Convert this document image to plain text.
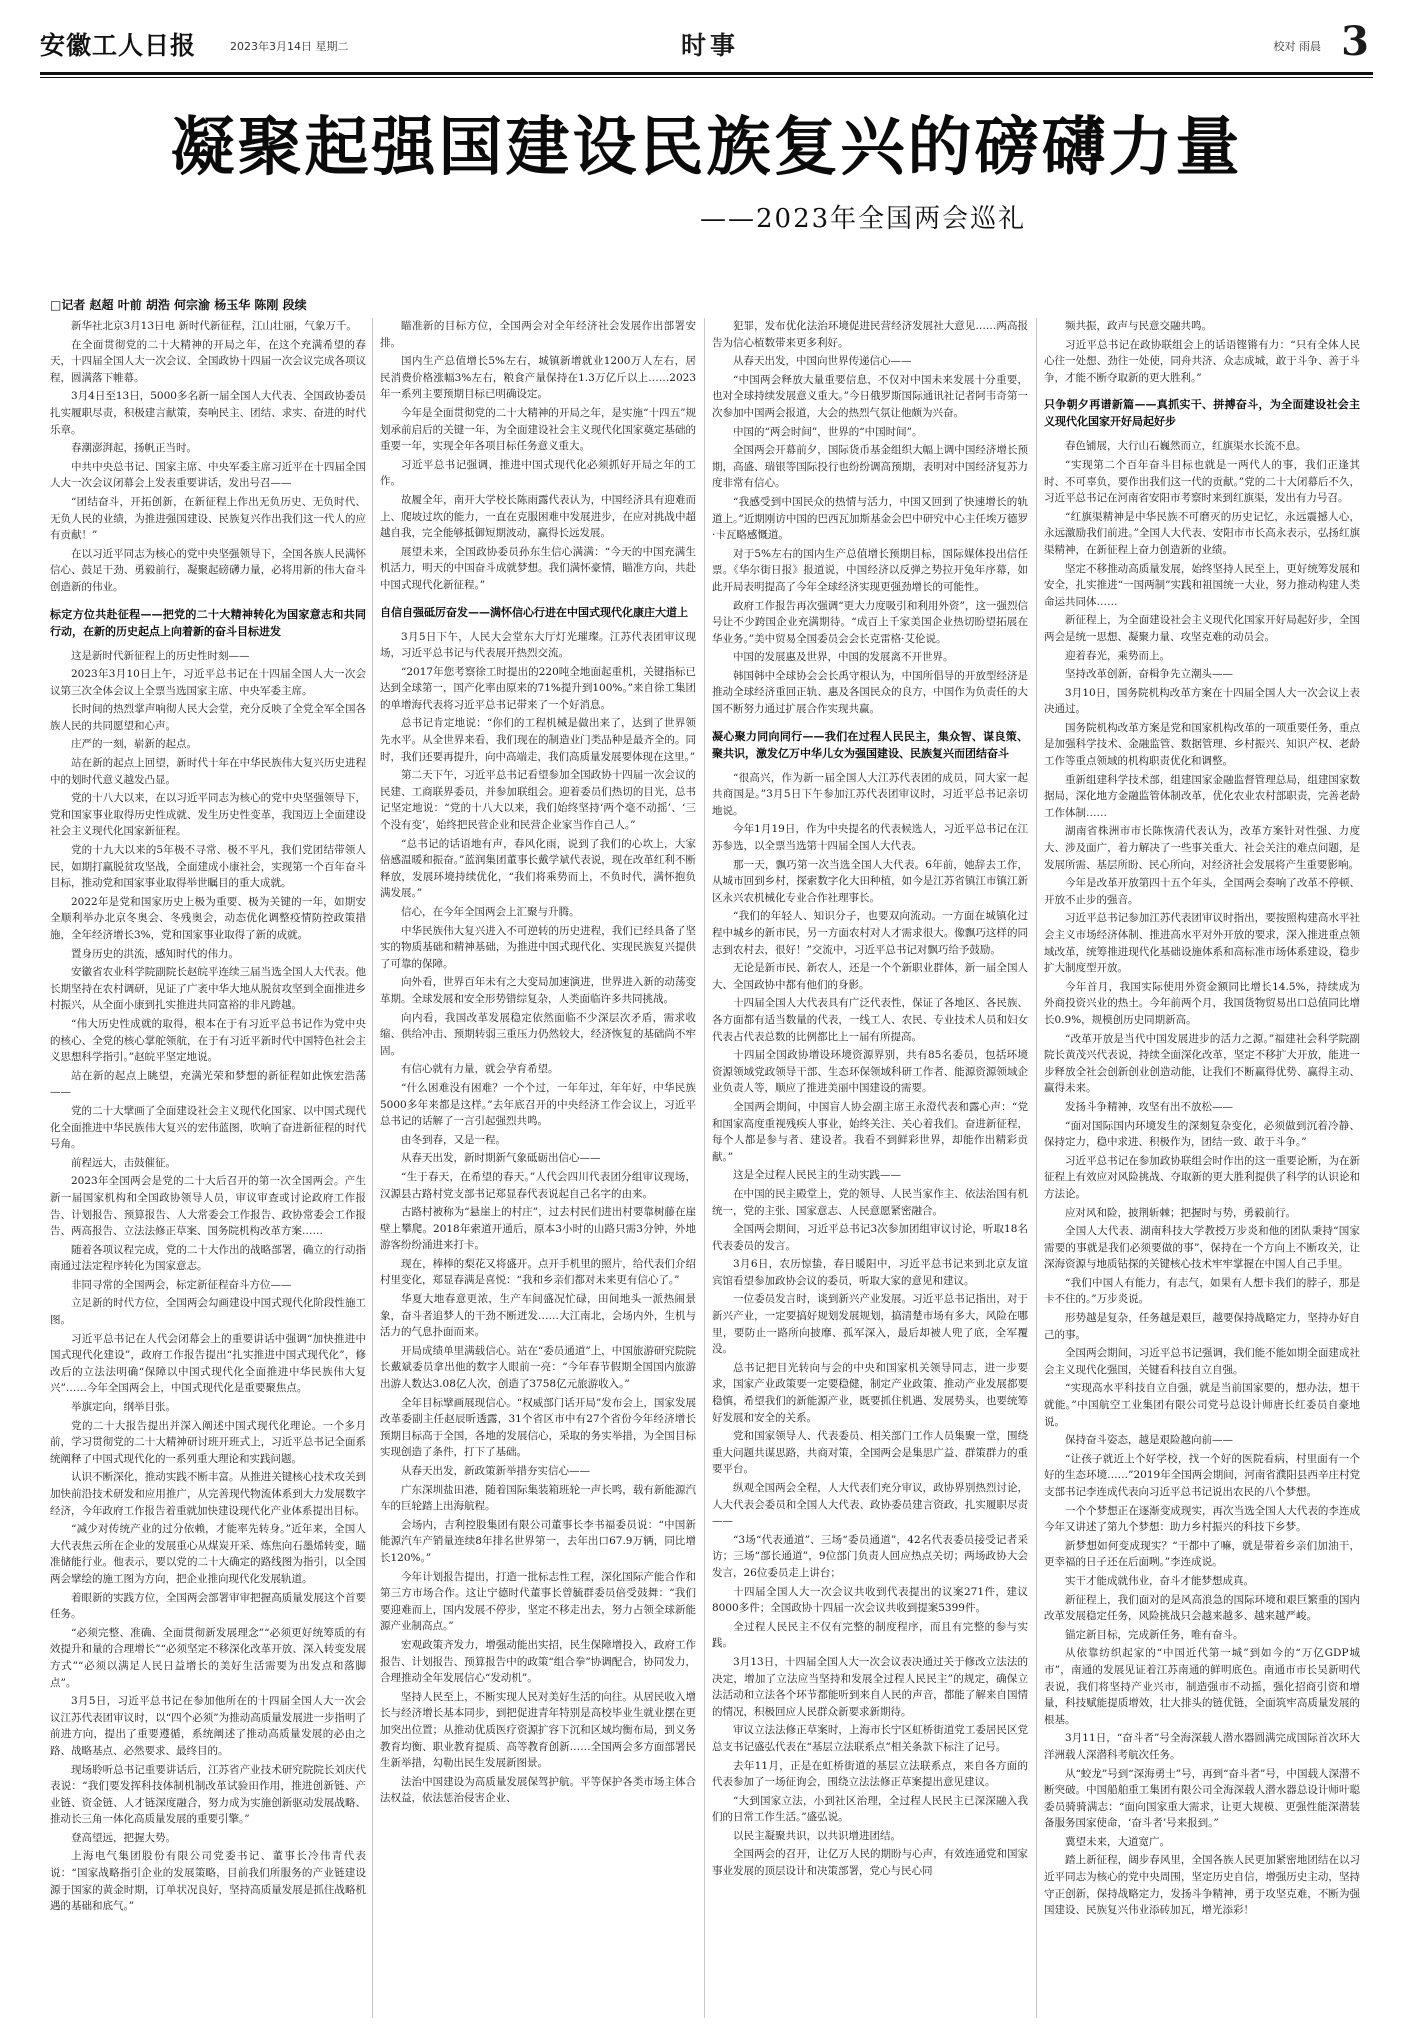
安徽工人日报	2023年3月14日 星期二	时事	校对 雨晨 3
凝聚起强国建设民族复兴的磅礴力量
——2023年全国两会巡礼
□记者 赵超 叶前 胡浩 何宗渝 杨玉华 陈刚 段续

新华社北京3月13日电 新时代新征程，江山壮丽，气象万千。

在全面贯彻党的二十大精神的开局之年，在这个充满希望的春天，十四届全国人大一次会议、全国政协十四届一次会议完成各项议程，圆满落下帷幕。

3月4日至13日，5000多名新一届全国人大代表、全国政协委员扎实履职尽责，积极建言献策，奏响民主、团结、求实、奋进的时代乐章。

春潮澎湃起，扬帆正当时。

中共中央总书记、国家主席、中央军委主席习近平在十四届全国人大一次会议闭幕会上发表重要讲话，发出号召——

“团结奋斗，开拓创新，在新征程上作出无负历史、无负时代、无负人民的业绩，为推进强国建设、民族复兴作出我们这一代人的应有贡献！”

在以习近平同志为核心的党中央坚强领导下，全国各族人民满怀信心、鼓足干劲、勇毅前行，凝聚起磅礴力量，必将用新的伟大奋斗创造新的伟业。

标定方位共赴征程——把党的二十大精神转化为国家意志和共同行动，在新的历史起点上向着新的奋斗目标进发

这是新时代新征程上的历史性时刻——

2023年3月10日上午，习近平总书记在十四届全国人大一次会议第三次全体会议上全票当选国家主席、中央军委主席。

长时间的热烈掌声响彻人民大会堂，充分反映了全党全军全国各族人民的共同愿望和心声。

庄严的一刻，崭新的起点。

站在新的起点上回望，新时代十年在中华民族伟大复兴历史进程中的划时代意义越发凸显。

党的十八大以来，在以习近平同志为核心的党中央坚强领导下，党和国家事业取得历史性成就、发生历史性变革，我国迈上全面建设社会主义现代化国家新征程。

党的十九大以来的5年极不寻常、极不平凡，我们党团结带领人民，如期打赢脱贫攻坚战，全面建成小康社会，实现第一个百年奋斗目标，推动党和国家事业取得举世瞩目的重大成就。

2022年是党和国家历史上极为重要、极为关键的一年，如期安全顺利举办北京冬奥会、冬残奥会，动态优化调整疫情防控政策措施，全年经济增长3%，党和国家事业取得了新的成就。

置身历史的洪流，感知时代的伟力。

安徽省农业科学院副院长赵皖平连续三届当选全国人大代表。他长期坚持在农村调研，见证了广袤中华大地从脱贫攻坚到全面推进乡村振兴，从全面小康到扎实推进共同富裕的非凡跨越。

“伟大历史性成就的取得，根本在于有习近平总书记作为党中央的核心、全党的核心掌舵领航，在于有习近平新时代中国特色社会主义思想科学指引。”赵皖平坚定地说。

站在新的起点上眺望，充满光荣和梦想的新征程如此恢宏浩荡——

党的二十大擘画了全面建设社会主义现代化国家、以中国式现代化全面推进中华民族伟大复兴的宏伟蓝图，吹响了奋进新征程的时代号角。

前程远大，击鼓催征。

2023年全国两会是党的二十大后召开的第一次全国两会。产生新一届国家机构和全国政协领导人员，审议审查或讨论政府工作报告、计划报告、预算报告、人大常委会工作报告、政协常委会工作报告、两高报告、立法法修正草案、国务院机构改革方案……

随着各项议程完成，党的二十大作出的战略部署，确立的行动指南通过法定程序转化为国家意志。

非同寻常的全国两会，标定新征程奋斗方位——

立足新的时代方位，全国两会勾画建设中国式现代化阶段性施工图。

习近平总书记在人代会闭幕会上的重要讲话中强调“加快推进中国式现代化建设”，政府工作报告提出“扎实推进中国式现代化”，修改后的立法法明确“保障以中国式现代化全面推进中华民族伟大复兴”……今年全国两会上，中国式现代化是重要聚焦点。

举旗定向，纲举目张。

党的二十大报告提出并深入阐述中国式现代化理论。一个多月前，学习贯彻党的二十大精神研讨班开班式上，习近平总书记全面系统阐释了中国式现代化的一系列重大理论和实践问题。

认识不断深化，推动实践不断丰富。从推进关键核心技术攻关到加快前沿技术研发和应用推广，从完善现代物流体系到大力发展数字经济，今年政府工作报告着重就加快建设现代化产业体系提出目标。

“减少对传统产业的过分依赖，才能率先转身。”近年来，全国人大代表焦云所在企业的发展重心从煤炭开采、炼焦向石墨烯转变，瞄准储能行业。他表示，要以党的二十大确定的路线图为指引，以全国两会擘绘的施工图为方向，把企业推向现代化发展轨道。

着眼新的实践方位，全国两会部署审审把握高质量发展这个首要任务。

“必须完整、准确、全面贯彻新发展理念”“必须更好统筹质的有效提升和量的合理增长”“必须坚定不移深化改革开放、深入转变发展方式”“必须以满足人民日益增长的美好生活需要为出发点和落脚点”。

3月5日，习近平总书记在参加他所在的十四届全国人大一次会议江苏代表团审议时，以“四个必须”为推动高质量发展进一步指明了前进方向，提出了重要遵循，系统阐述了推动高质量发展的必由之路、战略基点、必然要求、最终目的。

现场聆听总书记重要讲话后，江苏省产业技术研究院院长刘庆代表说：“我们要发挥科技体制机制改革试验田作用，推进创新链、产业链、资金链、人才链深度融合，努力成为实施创新驱动发展战略、推动长三角一体化高质量发展的重要引擎。”

登高望远，把握大势。

上海电气集团股份有限公司党委书记、董事长冷伟青代表说：“国家战略指引企业的发展策略，目前我们所服务的产业链建设源于国家的黄金时期，订单状况良好，坚持高质量发展是抓住战略机遇的基础和底气。”

瞄准新的目标方位，全国两会对全年经济社会发展作出部署安排。

国内生产总值增长5%左右，城镇新增就业1200万人左右，居民消费价格涨幅3%左右，粮食产量保持在1.3万亿斤以上……2023年一系列主要预期目标已明确设定。

今年是全面贯彻党的二十大精神的开局之年，是实施“十四五”规划承前启后的关键一年，为全面建设社会主义现代化国家奠定基础的重要一年，实现全年各项目标任务意义重大。

习近平总书记强调，推进中国式现代化必须抓好开局之年的工作。

故履全年，南开大学校长陈雨露代表认为，中国经济具有迎难而上、爬坡过坎的能力，一直在克服困难中发展进步，在应对挑战中超越自我，完全能够抵御短期波动，赢得长远发展。

展望未来，全国政协委员孙东生信心满满：“今天的中国充满生机活力，明天的中国奋斗成就梦想。我们满怀豪情，瞄准方向，共赴中国式现代化新征程。”

自信自强砥厉奋发——满怀信心行进在中国式现代化康庄大道上

3月5日下午，人民大会堂东大厅灯光璀璨。江苏代表团审议现场，习近平总书记与代表展开热烈交流。

“2017年您考察徐工时提出的220吨全地面起重机，关键指标已达到全球第一，国产化率由原来的71%提升到100%。”来自徐工集团的单增海代表将习近平总书记带来了一个好消息。

总书记肯定地说：“你们的工程机械是做出来了，达到了世界领先水平。从全世界来看，我们现在的制造业门类品种是最齐全的。同时，我们还要再提升，向中高端走，我们高质量发展要体现在这里。”

第二天下午，习近平总书记看望参加全国政协十四届一次会议的民建、工商联界委员，并参加联组会。迎着委员们热切的目光，总书记坚定地说：“党的十八大以来，我们始终坚持‘两个毫不动摇’、‘三个没有变’，始终把民营企业和民营企业家当作自己人。”

“总书记的话语地有声，春风化雨，说到了我们的心坎上，大家倍感温暖和振奋。”蓝润集团董事长戴学斌代表说，现在改革红利不断释放，发展环境持续优化，“我们将乘势而上，不负时代，满怀抱负满发展。”

信心，在今年全国两会上汇聚与升腾。

中华民族伟大复兴进入不可逆转的历史进程，我们已经具备了坚实的物质基础和精神基础，为推进中国式现代化、实现民族复兴提供了可靠的保障。

向外看，世界百年未有之大变局加速演进，世界进入新的动荡变革期。全球发展和安全形势错综复杂，人类面临许多共同挑战。

向内看，我国改革发展稳定依然面临不少深层次矛盾，需求收缩、供给冲击、预期转弱三重压力仍然较大，经济恢复的基础尚不牢固。

有信心就有力量，就会孕育希望。

“什么困难没有困难？一个个过，一年年过，年年好，中华民族5000多年来都是这样。”去年底召开的中央经济工作会议上，习近平总书记的话解了一言引起强烈共鸣。

由冬到春，又是一程。

从春天出发，新时期新气象砥砺出信心——

“生于春天，在希望的春天。”人代会四川代表团分组审议现场，汉源县古路村党支部书记郑显春代表说起自己名字的由来。

古路村被称为“悬崖上的村庄”，过去村民们进出村要靠树藤在崖壁上攀爬。2018年索道开通后，原本3小时的山路只需3分钟，外地游客纷纷涌进来打卡。

现在，棒棒的梨花又将盛开。点开手机里的照片，给代表们介绍村里变化，郑显春满是喜悦：“我和乡亲们都对未来更有信心了。”

华夏大地春意更浓，生产车间盛况忙碌，田间地头一派热闹景象，奋斗者追梦人的干劲不断迸发……大江南北，会场内外，生机与活力的气息扑面而来。

开局成绩单里满载信心。站在“委员通道”上，中国旅游研究院院长戴斌委员拿出他的数字人眼前一亮：“今年春节假期全国国内旅游出游人数达3.08亿人次，创造了3758亿元旅游收入。”

全年目标擘画展现信心。“权威部门话开局”发布会上，国家发展改革委副主任赵辰昕透露，31个省区市中有27个省份今年经济增长预期目标高于全国，各地的发展信心，采取的务实举措，为全国目标实现创造了条件，打下了基础。

从春天出发，新政策新举措夯实信心——

广东深圳盐田港，随着国际集装箱班轮一声长鸣，载有新能源汽车的巨轮踏上出海航程。

会场内，吉利控股集团有限公司董事长李书福委员说：“中国新能源汽车产销量连续8年排名世界第一，去年出口67.9万辆，同比增长120%。”

今年计划报告提出，打造一批标志性工程，深化国际产能合作和第三方市场合作。这让宁德时代董事长曾毓群委员倍受鼓舞：“我们要迎难而上，国内发展不停步，坚定不移走出去，努力占领全球新能源产业制高点。”

宏观政策齐发力，增强动能出实招，民生保障增投入，政府工作报告、计划报告、预算报告中的政策“组合拳”协调配合，协同发力，合理推动全年发展信心“发动机”。

坚持人民至上，不断实现人民对美好生活的向往。从居民收入增长与经济增长基本同步，到把促进青年特别是高校毕业生就业摆在更加突出位置；从推动优质医疗资源扩容下沉和区域均衡布局，到义务教育均衡、职业教育提质、高等教育创新……全国两会多方面部署民生新举措，勾勒出民生发展新图景。

法治中国建设为高质量发展保驾护航。平等保护各类市场主体合法权益，依法惩治侵害企业、

犯罪，发布优化法治环境促进民营经济发展社大意见……两高报告为信心植数带来更多利好。

从春天出发，中国向世界传递信心——

“中国两会释放大量重要信息，不仅对中国未来发展十分重要，也对全球持续发展意义重大。”今日俄罗斯国际通讯社记者阿韦奇第一次参加中国两会报道，大会的热烈气氛让他颇为兴奋。

中国的“两会时间”，世界的“中国时间”。

全国两会开幕前夕，国际货币基金组织大幅上调中国经济增长预期，高盛、瑞银等国际投行也纷纷调高预期，表明对中国经济复苏力度非常有信心。

“我感受到中国民众的热情与活力，中国又回到了快速增长的轨道上。”近期刚访中国的巴西瓦加斯基金会巴中研究中心主任埃万德罗·卡瓦略感慨道。

对于5%左右的国内生产总值增长预期目标，国际媒体投出信任票。《华尔街日报》报道说，中国经济以反弹之势拉开兔年序幕，如此开局表明提高了今年全球经济实现更强劲增长的可能性。

政府工作报告再次强调“更大力度吸引和利用外资”，这一强烈信号让不少跨国企业充满期待。“成百上千家美国企业热切盼望拓展在华业务。”美中贸易全国委员会会长克雷格·艾伦说。

中国的发展惠及世界，中国的发展离不开世界。

韩国韩中全球协会会长禹守根认为，中国所倡导的开放型经济是推动全球经济重回正轨、惠及各国民众的良方，中国作为负责任的大国不断努力通过扩展合作实现共赢。

凝心聚力同向同行——我们在过程人民民主，集众智、谋良策、聚共识，激发亿万中华儿女为强国建设、民族复兴而团结奋斗

“很高兴，作为新一届全国人大江苏代表团的成员，同大家一起共商国是。”3月5日下午参加江苏代表团审议时，习近平总书记亲切地说。

今年1月19日，作为中央提名的代表候选人，习近平总书记在江苏参选，以全票当选第十四届全国人大代表。

那一天，飘巧第一次当选全国人大代表。6年前，她辞去工作，从城市回到乡村，探索数字化大田种植，如今是江苏省镇江市镇江新区永兴农机械化专业合作社理事长。

“我们的年轻人、知识分子，也要双向流动。一方面在城镇化过程中城乡的新市民，另一方面农村对人才需求很大。像飘巧这样的同志到农村去，很好！”交流中，习近平总书记对飘巧给予鼓励。

无论是新市民、新农人，还是一个个新职业群体，新一届全国人大、全国政协中都有他们的身影。

十四届全国人大代表具有广泛代表性，保证了各地区、各民族、各方面都有适当数量的代表，一线工人、农民、专业技术人员和妇女代表占代表总数的比例都比上一届有所提高。

十四届全国政协增设环境资源界别，共有85名委员，包括环境资源领域党政领导干部、生态环保领域科研工作者、能源资源领域企业负责人等，顺应了推进美丽中国建设的需要。

全国两会期间，中国盲人协会副主席王永澄代表和露心声：“党和国家高度重视残疾人事业，始终关注、关心着我们。奋进新征程，每个人都是参与者、建设者。我看不到鲜彩世界，却能作出精彩贡献。”

这是全过程人民民主的生动实践——

在中国的民主殿堂上，党的领导、人民当家作主、依法治国有机统一，党的主张、国家意志、人民意愿紧密融合。

全国两会期间，习近平总书记3次参加团组审议讨论，听取18名代表委员的发言。

3月6日，农历惊蛰，春日暖阳中，习近平总书记来到北京友谊宾馆看望参加政协会议的委员，听取大家的意见和建议。

一位委员发言时，谈到新兴产业发展。习近平总书记指出，对于新兴产业，一定要搞好规划发展规划，搞清楚市场有多大，风险在哪里，要防止一路所向披靡、孤军深入，最后却被人兜了底，全军覆没。

总书记把目光转向与会的中央和国家机关领导同志，进一步要求，国家产业政策要一定要稳健，制定产业政策、推动产业发展都要稳慎，希望我们的新能源产业，既要抓住机遇、发展势头，也要统筹好发展和安全的关系。

党和国家领导人、代表委员、相关部门工作人员集聚一堂，围绕重大问题共谋思路，共商对策，全国两会是集思广益、群策群力的重要平台。

纵观全国两会全程，人大代表们充分审议，政协界别热烈讨论，人大代表会委员和全国人大代表、政协委员建言资政，扎实履职尽责——

“3场“代表通道”、三场“委员通道”，42名代表委员接受记者采访；三场“部长通道”，9位部门负责人回应热点关切；两场政协大会发言，26位委员走上讲台；

十四届全国人大一次会议共收到代表提出的议案271件，建议8000多件；全国政协十四届一次会议共收到提案5399件。

全过程人民民主不仅有完整的制度程序，而且有完整的参与实践。

3月13日，十四届全国人大一次会议表决通过关于修改立法法的决定，增加了立法应当坚持和发展全过程人民民主”的规定，确保立法活动和立法各个环节都能听到来自人民的声音，都能了解来自国情的情况，积极回应人民群众新要求新期待。

审议立法法修正草案时，上海市长宁区虹桥街道党工委居民区党总支书记盛弘代表在“基层立法联系点”相关条款下标注了记号。

去年11月，正是在虹桥街道的基层立法联系点，来自各方面的代表参加了一场征询会，围绕立法法修正草案提出意见建议。

“大到国家立法，小到社区治理，全过程人民民主已深深融入我们的日常工作生活。”盛弘说。

以民主凝聚共识，以共识增进团结。

全国两会的召开，让亿万人民的期盼与心声，有效连通党和国家事业发展的顶层设计和决策部署，党心与民心同

频共振，政声与民意交融共鸣。

习近平总书记在政协联组会上的话语铿锵有力：“只有全体人民心往一处想、劲往一处使，同舟共济、众志成城，敢于斗争、善于斗争，才能不断夺取新的更大胜利。”

只争朝夕再谱新篇——真抓实干、拼搏奋斗，为全面建设社会主义现代化国家开好局起好步

春色铺展，大行山石巍然而立，红旗渠水长流不息。

“实现第二个百年奋斗目标也就是一两代人的事，我们正逢其时、不可辜负，要作出我们这一代的贡献。”党的二十大闭幕后不久，习近平总书记在河南省安阳市考察时来到红旗渠，发出有力号召。

“红旗渠精神是中华民族不可磨灭的历史记忆，永远震撼人心，永远激励我们前进。”全国人大代表、安阳市市长高永表示，弘扬红旗渠精神，在新征程上奋力创造新的业绩。

坚定不移推动高质量发展，始终坚持人民至上，更好统筹发展和安全，扎实推进“一国两制”实践和祖国统一大业，努力推动构建人类命运共同体……

新征程上，为全面建设社会主义现代化国家开好局起好步，全国两会是统一思想、凝聚力量、攻坚克难的动员会。

迎着春光，乘势而上。

坚持改革创新，奋楫争先立潮头——

3月10日，国务院机构改革方案在十四届全国人大一次会议上表决通过。

国务院机构改革方案是党和国家机构改革的一项重要任务，重点是加强科学技术、金融监管、数据管理、乡村振兴、知识产权、老龄工作等重点领域的机构职责优化和调整。

重新组建科学技术部，组建国家金融监督管理总局，组建国家数据局，深化地方金融监管体制改革，优化农业农村部职责，完善老龄工作体制……

湖南省株洲市市长陈恢清代表认为，改革方案针对性强、力度大、涉及面广，着力解决了一些事关重大、社会关注的难点问题，是发展所需、基层所盼、民心所向，对经济社会发展将产生重要影响。

今年是改革开放第四十五个年头，全国两会奏响了改革不停顿、开放不止步的强音。

习近平总书记参加江苏代表团审议时指出，要按照构建高水平社会主义市场经济体制、推进高水平对外开放的要求，深入推进重点领域改革，统筹推进现代化基础设施体系和高标准市场体系建设，稳步扩大制度型开放。

今年首月，我国实际使用外资金额同比增长14.5%，持续成为外商投资兴业的热土。今年前两个月，我国货物贸易出口总值同比增长0.9%，规模创历史同期新高。

“改革开放是当代中国发展进步的活力之源。”福建社会科学院副院长黄茂兴代表说，持续全面深化改革，坚定不移扩大开放，能进一步释放全社会创新创业创造动能，让我们不断赢得优势、赢得主动、赢得未来。

发扬斗争精神，攻坚有出不放松——

“面对国际国内环境发生的深刻复杂变化，必须做到沉着冷静、保持定力，稳中求进、积极作为，团结一致、敢于斗争。”

习近平总书记在参加政协联组会时作出的这一重要论断，为在新征程上有效应对风险挑战、夺取新的更大胜利提供了科学的认识论和方法论。

应对风和险，披荆斩棘；把握时与势，勇毅前行。

全国人大代表、湖南科技大学教授万步炎和他的团队秉持“国家需要的事就是我们必须要做的事”，保持在一个方向上不断攻关，让深海资源与地质钻探的关键核心技术牢牢掌握在中国人自己手里。

“我们中国人有能力，有志气，如果有人想卡我们的脖子，那是卡不住的。”万步炎说。

形势越是复杂，任务越是艰巨，越要保持战略定力，坚持办好自己的事。

全国两会期间，习近平总书记强调，我们能不能如期全面建成社会主义现代化强国，关键看科技自立自强。

“实现高水平科技自立自强，就是当前国家要的，想办法，想干就能。”中国航空工业集团有限公司党号总设计师唐长红委员自豪地说。

保持奋斗姿态，越是艰险越向前——

“让孩子就近上个好学校，找一个好的医院看病，村里面有一个好的生态环境……”2019年全国两会期间，河南省濮阳县西辛庄村党支部书记李连成代表向习近平总书记说出农民的八个梦想。

一个个梦想正在逐渐变成现实，再次当选全国人大代表的李连成今年又讲述了第九个梦想：助力乡村振兴的科技下乡梦。

新梦想如何变成现实？“干都中了嘛，就是带着乡亲们加油干，更幸福的日子还在后面咧。”李连成说。

实干才能成就伟业，奋斗才能梦想成真。

新征程上，我们面对的是风高浪急的国际环境和艰巨繁重的国内改革发展稳定任务，风险挑战只会越来越多、越来越严峻。

锚定新目标，完成新任务，唯有奋斗。

从依靠纺织起家的“中国近代第一城”到如今的“万亿GDP城市”，南通的发展见证着江苏南通的鲜明底色。南通市市长吴新明代表说，我们将坚持产业兴市，制造强市不动摇，强化招商引资和增量，科技赋能提质增效，壮大排头的链优链，全面筑牢高质量发展的根基。

3月11日，“奋斗者”号全海深载人潜水器圆满完成国际首次环大洋洲载人深潜科考航次任务。

从“蛟龙”号到“深海勇士”号，再到“奋斗者”号，中国载人深潜不断突破。中国船舶重工集团有限公司全海深载人潜水器总设计师叶聪委员骑骑满志：“面向国家重大需求，让更大规模、更强性能深潜装备服务国家使命，‘奋斗者’号来报到。”

冀望未来，大道宽广。

踏上新征程，阔步春风里，全国各族人民更加紧密地团结在以习近平同志为核心的党中央周围，坚定历史自信，增强历史主动，坚持守正创新，保持战略定力，发扬斗争精神，勇于攻坚克难，不断为强国建设、民族复兴伟业添砖加瓦，增光添彩！
